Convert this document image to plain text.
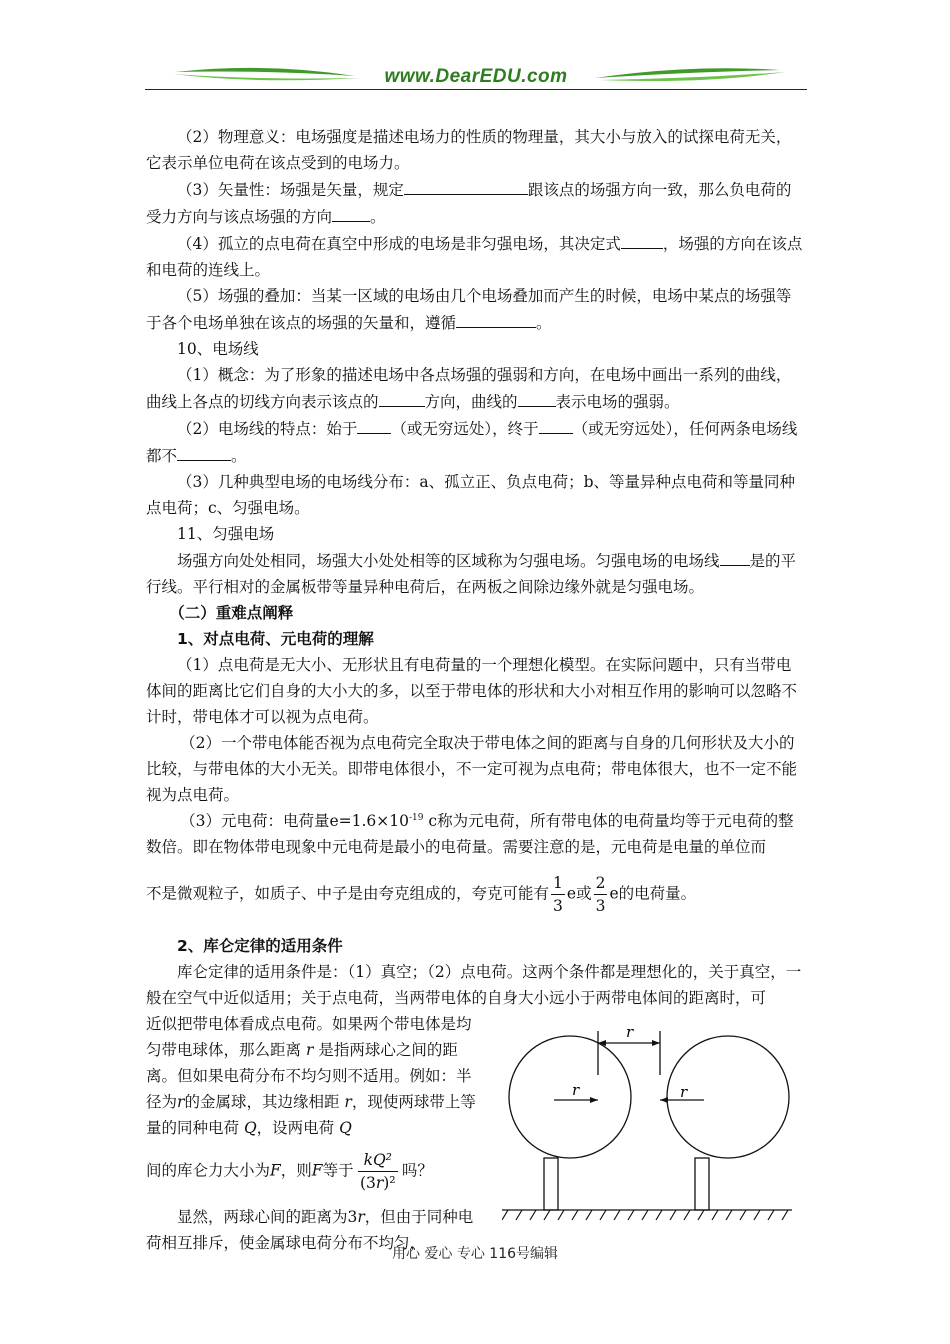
www.DearEDU.com

（2）物理意义：电场强度是描述电场力的性质的物理量，其大小与放入的试探电荷无关，它表示单位电荷在该点受到的电场力。

（3）矢量性：场强是矢量，规定	跟该点的场强方向一致，那么负电荷的受力方向与该点场强的方向 。

（4）孤立的点电荷在真空中形成的电场是非匀强电场，其决定式	，场强的方向在该点和电荷的连线上。

（5）场强的叠加：当某一区域的电场由几个电场叠加而产生的时候，电场中某点的场强等于各个电场单独在该点的场强的矢量和，遵循	。

10、电场线

（1）概念：为了形象的描述电场中各点场强的强弱和方向，在电场中画出一系列的曲线，曲线上各点的切线方向表示该点的	方向，曲线的 表示电场的强弱。

（2）电场线的特点：始于 （或无穷远处），终于 （或无穷远处），任何两条电场线都不	。

（3）几种典型电场的电场线分布：a、孤立正、负点电荷；b、等量异种点电荷和等量同种点电荷；c、匀强电场。

11、匀强电场

场强方向处处相同，场强大小处处相等的区域称为匀强电场。匀强电场的电场线 是的平行线。平行相对的金属板带等量异种电荷后，在两板之间除边缘外就是匀强电场。

（二）重难点阐释

1、对点电荷、元电荷的理解

（1）点电荷是无大小、无形状且有电荷量的一个理想化模型。在实际问题中，只有当带电体间的距离比它们自身的大小大的多，以至于带电体的形状和大小对相互作用的影响可以忽略不计时，带电体才可以视为点电荷。

（2）一个带电体能否视为点电荷完全取决于带电体之间的距离与自身的几何形状及大小的比较，与带电体的大小无关。即带电体很小，不一定可视为点电荷；带电体很大，也不一定不能视为点电荷。

（3）元电荷：电荷量$e=1.6\times 10^{-19}$ c称为元电荷，所有带电体的电荷量均等于元电荷的整数倍。即在物体带电现象中元电荷是最小的电荷量。需要注意的是，元电荷是电量的单位而

不是微观粒子，如质子、中子是由夸克组成的，夸克可能有 $\frac{1}{3}$ e或 $\frac{2}{3}$ e的电荷量。

2、库仑定律的适用条件

库仑定律的适用条件是：（1）真空；（2）点电荷。这两个条件都是理想化的，关于真空，一般在空气中近似适用；关于点电荷，当两带电体的自身大小远小于两带电体间的距离时，可

近似把带电体看成点电荷。如果两个带电体是均匀带电球体，那么距离 r 是指两球心之间的距离。但如果电荷分布不均匀则不适用。例如：半径为r的金属球，其边缘相距 r，现使两球带上等量的同种电荷 Q，设两电荷 Q

间的库仑力大小为F，则F等于 $\frac{\text{kQ²}}{\text{(3r)²}}$ 吗？

显然，两球心间的距离为3r，但由于同种电荷相互排斥，使金属球电荷分布不均匀，

r
r	r
用心 爱心 专心 116号编辑
